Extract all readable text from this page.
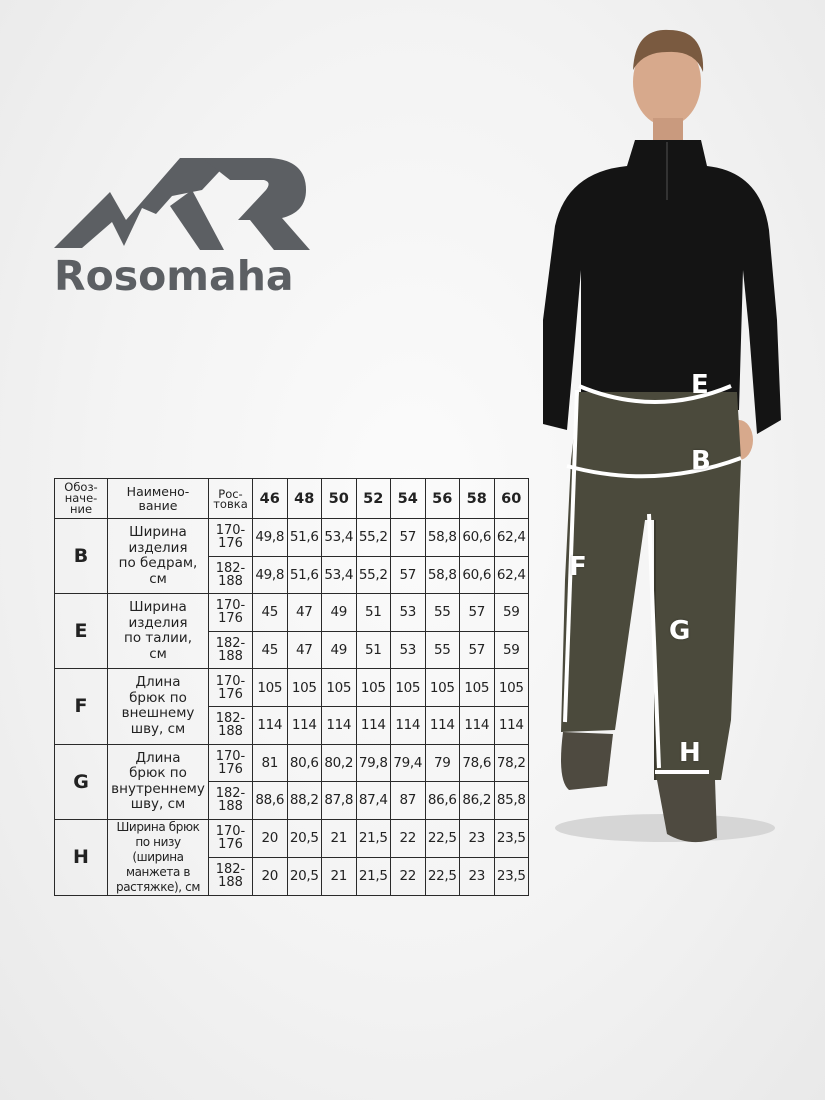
Rosomaha
Обоз-
наче-
ние	Наимено-
вание	Рос-
товка	46	48	50	52	54	56	58	60
B	Ширина
изделия
по бедрам,
см	170-
176	49,8	51,6	53,4	55,2	57	58,8	60,6	62,4

		182-
188	49,8	51,6	53,4	55,2	57	58,8	60,6	62,4
E	Ширина
изделия
по талии,
см	170-
176	45	47	49	51	53	55	57	59

		182-
188	45	47	49	51	53	55	57	59
F	Длина
брюк по
внешнему
шву, см	170-
176	105	105	105	105	105	105	105	105

		182-
188	114	114	114	114	114	114	114	114
G	Длина
брюк по
внутреннему
шву, см	170-
176	81	80,6	80,2	79,8	79,4	79	78,6	78,2

		182-
188	88,6	88,2	87,8	87,4	87	86,6	86,2	85,8
H	Ширина брюк
по низу (ширина
манжета в
растяжке), см	170-
176	20	20,5	21	21,5	22	22,5	23	23,5

		182-
188	20	20,5	21	21,5	22	22,5	23	23,5
E
B
F
G
H
